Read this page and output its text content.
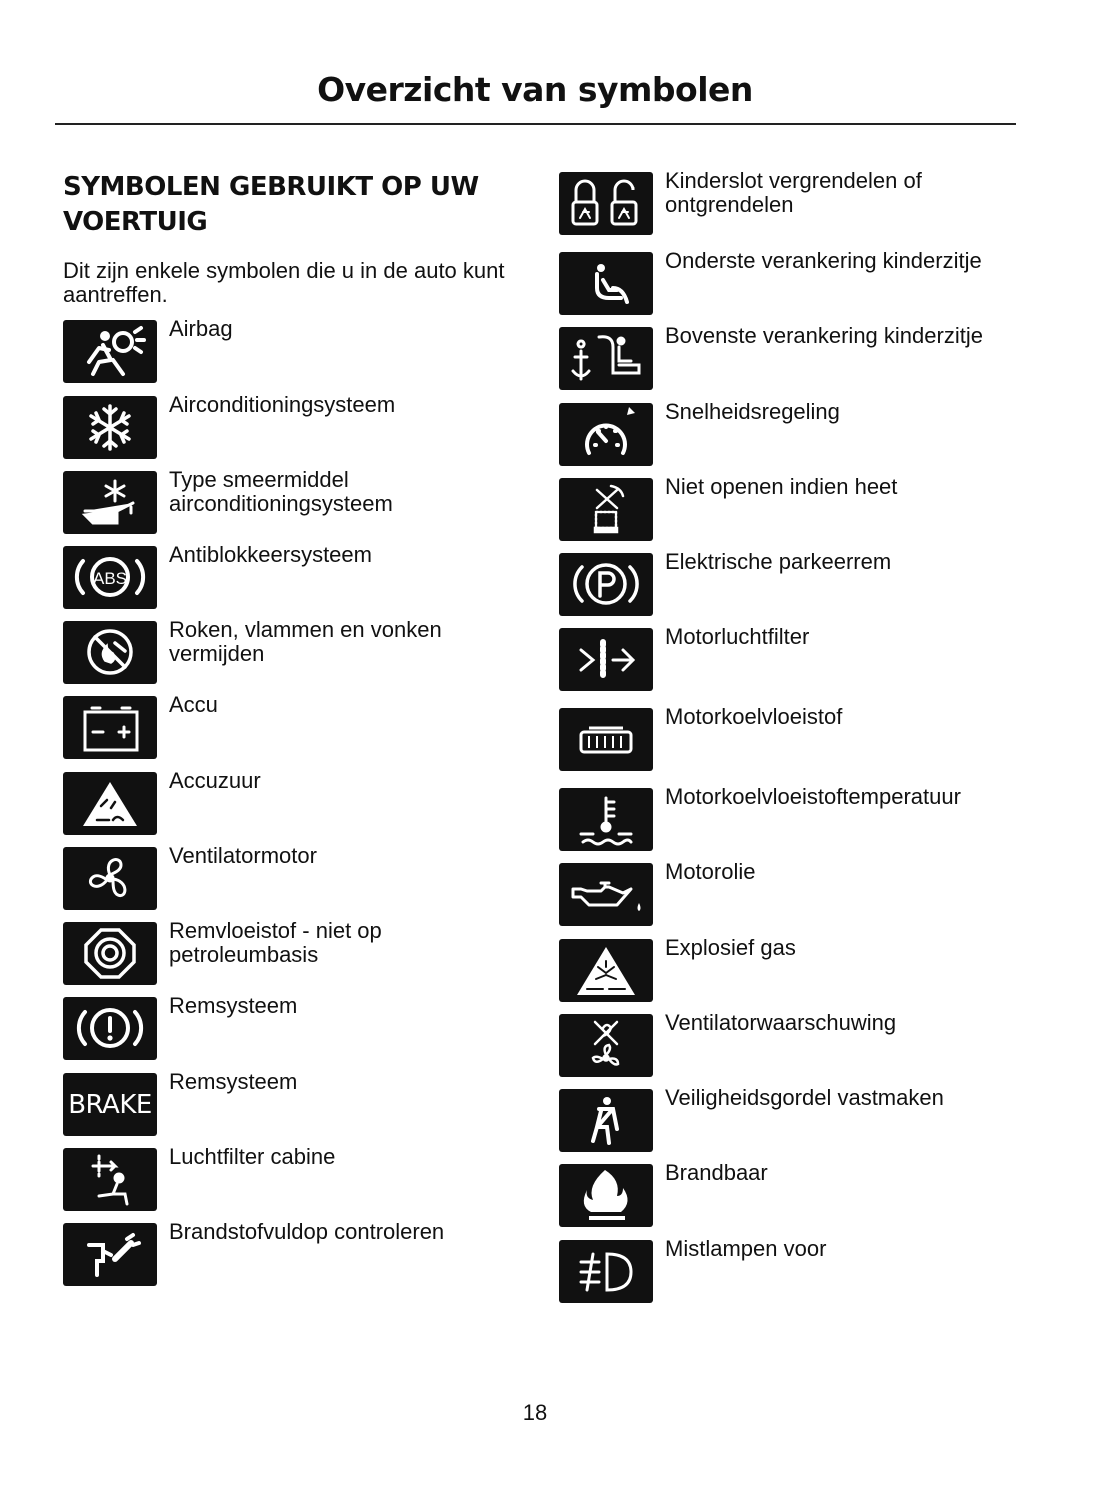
Overzicht van symbolen
SYMBOLEN GEBRUIKT OP UW VOERTUIG
Dit zijn enkele symbolen die u in de auto kunt aantreffen.
Airbag
Airconditioningsysteem
Type smeermiddel airconditioningsysteem
ABS
Antiblokkeersysteem
Roken, vlammen en vonken vermijden
Accu
Accuzuur
Ventilatormotor
Remvloeistof - niet op petroleumbasis
Remsysteem
BRAKE
Remsysteem
Luchtfilter cabine
Brandstofvuldop controleren
Kinderslot vergrendelen of ontgrendelen
Onderste verankering kinderzitje
Bovenste verankering kinderzitje
Snelheidsregeling
Niet openen indien heet
Elektrische parkeerrem
Motorluchtfilter
Motorkoelvloeistof
Motorkoelvloeistoftemperatuur
Motorolie
Explosief gas
Ventilatorwaarschuwing
Veiligheidsgordel vastmaken
Brandbaar
Mistlampen voor
18
